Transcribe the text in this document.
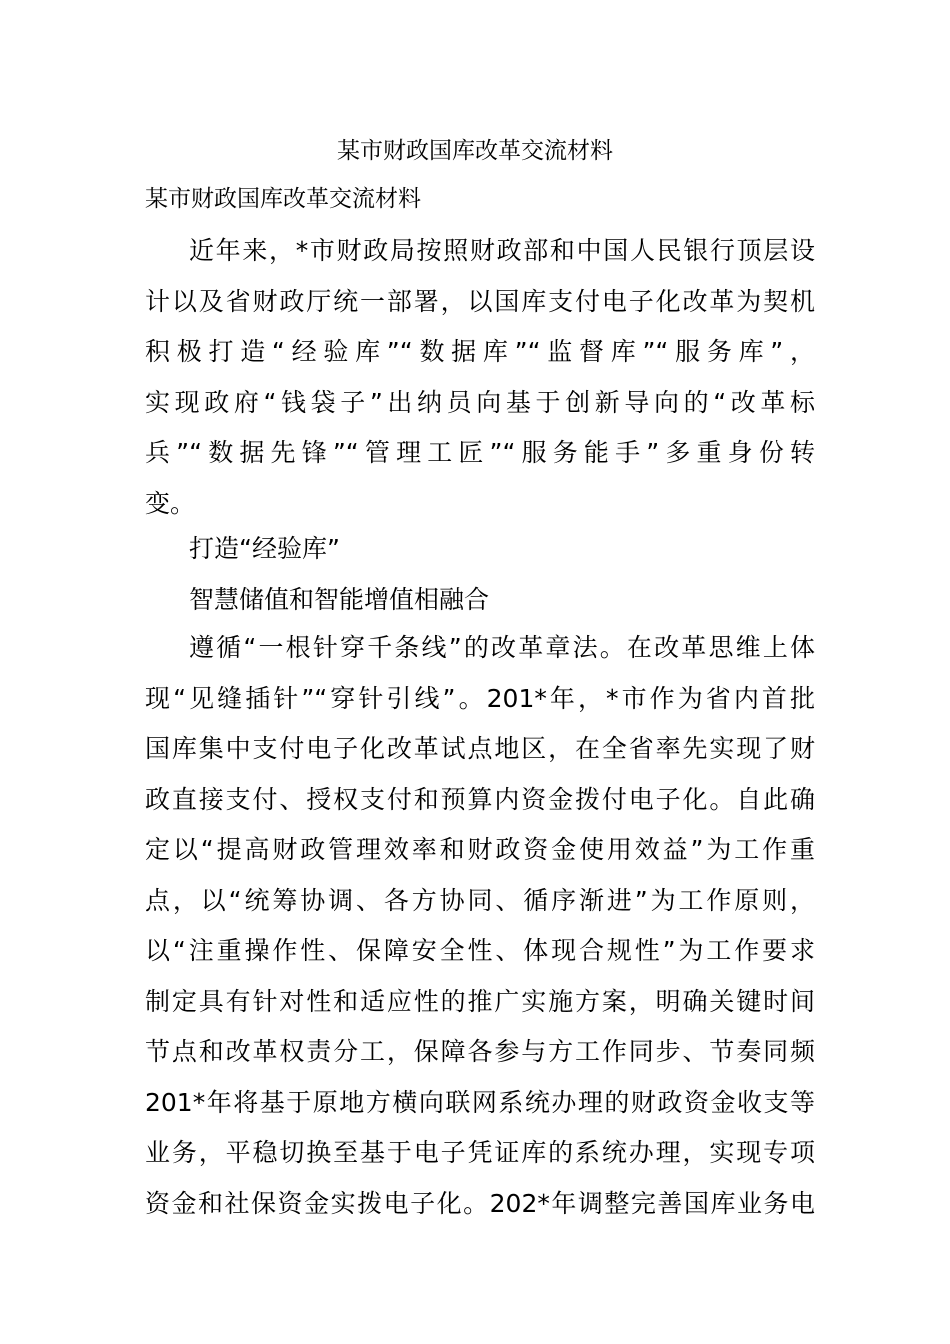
某市财政国库改革交流材料
某市财政国库改革交流材料
近年来，*市财政局按照财政部和中国人民银行顶层设
计以及省财政厅统一部署，以国库支付电子化改革为契机
积极打造“经验库”“数据库”“监督库”“服务库”，
实现政府“钱袋子”出纳员向基于创新导向的“改革标
兵”“数据先锋”“管理工匠”“服务能手”多重身份转
变。
打造“经验库”
智慧储值和智能增值相融合
遵循“一根针穿千条线”的改革章法。在改革思维上体
现“见缝插针”“穿针引线”。201*年，*市作为省内首批
国库集中支付电子化改革试点地区，在全省率先实现了财
政直接支付、授权支付和预算内资金拨付电子化。自此确
定以“提高财政管理效率和财政资金使用效益”为工作重
点，以“统筹协调、各方协同、循序渐进”为工作原则，
以“注重操作性、保障安全性、体现合规性”为工作要求
制定具有针对性和适应性的推广实施方案，明确关键时间
节点和改革权责分工，保障各参与方工作同步、节奏同频
201*年将基于原地方横向联网系统办理的财政资金收支等
业务，平稳切换至基于电子凭证库的系统办理，实现专项
资金和社保资金实拨电子化。202*年调整完善国库业务电
